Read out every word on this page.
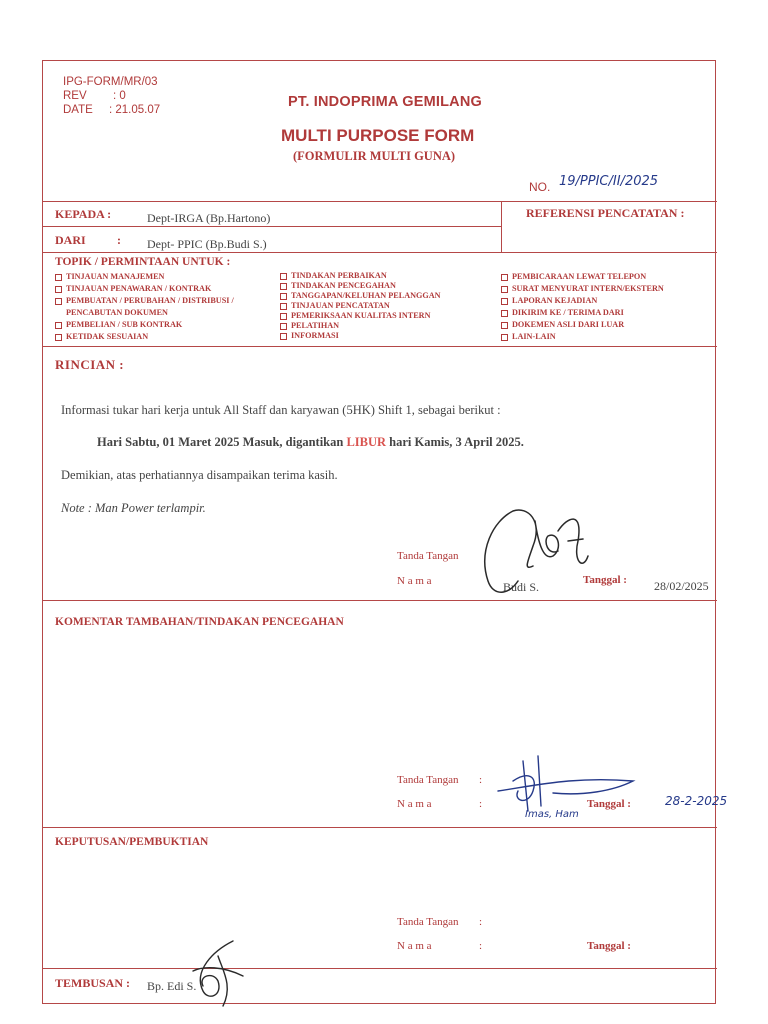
IPG-FORM/MR/03
REV : 0
DATE : 21.05.07	PT. INDOPRIMA GEMILANG
MULTI PURPOSE FORM
(FORMULIR MULTI GUNA)
NO. 19/PPIC/II/2025
KEPADA :	Dept-IRGA (Bp.Hartono)
DARI	: Dept- PPIC (Bp.Budi S.)
REFERENSI PENCATATAN :
TOPIK / PERMINTAAN UNTUK :
TINJAUAN MANAJEMEN
TINJAUAN PENAWARAN / KONTRAK
PEMBUATAN / PERUBAHAN / DISTRIBUSI /
PENCABUTAN DOKUMEN
PEMBELIAN / SUB KONTRAK
KETIDAK SESUAIAN
TINDAKAN PERBAIKAN
TINDAKAN PENCEGAHAN
TANGGAPAN/KELUHAN PELANGGAN
TINJAUAN PENCATATAN
PEMERIKSAAN KUALITAS INTERN
PELATIHAN
INFORMASI
PEMBICARAAN LEWAT TELEPON
SURAT MENYURAT INTERN/EKSTERN
LAPORAN KEJADIAN
DIKIRIM KE / TERIMA DARI
DOKEMEN ASLI DARI LUAR
LAIN-LAIN
RINCIAN :
Informasi tukar hari kerja untuk All Staff dan karyawan (5HK) Shift 1, sebagai berikut :
Hari Sabtu, 01 Maret 2025 Masuk, digantikan LIBUR hari Kamis, 3 April 2025.
Demikian, atas perhatiannya disampaikan terima kasih.
Note : Man Power terlampir.
Tanda Tangan
N a m a	Budi S.	Tanggal : 28/02/2025
KOMENTAR TAMBAHAN/TINDAKAN PENCEGAHAN
Tanda Tangan :
N a m a	:
Imas, Ham
Tanggal :	28-2-2025
KEPUTUSAN/PEMBUKTIAN
Tanda Tangan :
N a m a	:	Tanggal :
TEMBUSAN : Bp. Edi S.
